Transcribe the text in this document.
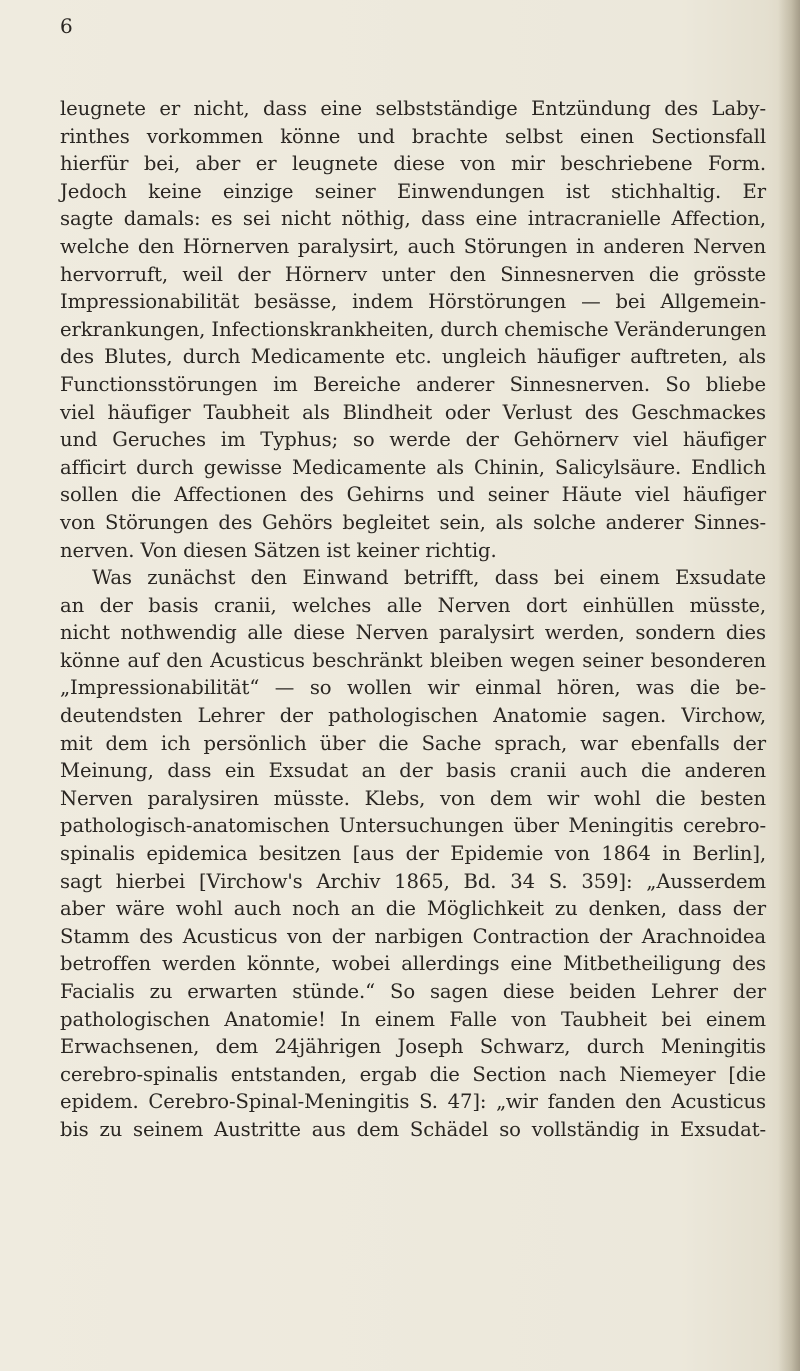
6
leugnete er nicht, dass eine selbstständige Entzündung des Laby-
rinthes vorkommen könne und brachte selbst einen Sectionsfall
hierfür bei, aber er leugnete diese von mir beschriebene Form.
Jedoch keine einzige seiner Einwendungen ist stichhaltig. Er
sagte damals: es sei nicht nöthig, dass eine intracranielle Affection,
welche den Hörnerven paralysirt, auch Störungen in anderen Nerven
hervorruft, weil der Hörnerv unter den Sinnesnerven die grösste
Impressionabilität besässe, indem Hörstörungen — bei Allgemein-
erkrankungen, Infectionskrankheiten, durch chemische Veränderungen
des Blutes, durch Medicamente etc. ungleich häufiger auftreten, als
Functionsstörungen im Bereiche anderer Sinnesnerven. So bliebe
viel häufiger Taubheit als Blindheit oder Verlust des Geschmackes
und Geruches im Typhus; so werde der Gehörnerv viel häufiger
afficirt durch gewisse Medicamente als Chinin, Salicylsäure. Endlich
sollen die Affectionen des Gehirns und seiner Häute viel häufiger
von Störungen des Gehörs begleitet sein, als solche anderer Sinnes-
nerven. Von diesen Sätzen ist keiner richtig.
Was zunächst den Einwand betrifft, dass bei einem Exsudate
an der basis cranii, welches alle Nerven dort einhüllen müsste,
nicht nothwendig alle diese Nerven paralysirt werden, sondern dies
könne auf den Acusticus beschränkt bleiben wegen seiner besonderen
„Impressionabilität“ — so wollen wir einmal hören, was die be-
deutendsten Lehrer der pathologischen Anatomie sagen. Virchow,
mit dem ich persönlich über die Sache sprach, war ebenfalls der
Meinung, dass ein Exsudat an der basis cranii auch die anderen
Nerven paralysiren müsste. Klebs, von dem wir wohl die besten
pathologisch-anatomischen Untersuchungen über Meningitis cerebro-
spinalis epidemica besitzen [aus der Epidemie von 1864 in Berlin],
sagt hierbei [Virchow's Archiv 1865, Bd. 34 S. 359]: „Ausserdem
aber wäre wohl auch noch an die Möglichkeit zu denken, dass der
Stamm des Acusticus von der narbigen Contraction der Arachnoidea
betroffen werden könnte, wobei allerdings eine Mitbetheiligung des
Facialis zu erwarten stünde.“ So sagen diese beiden Lehrer der
pathologischen Anatomie! In einem Falle von Taubheit bei einem
Erwachsenen, dem 24jährigen Joseph Schwarz, durch Meningitis
cerebro-spinalis entstanden, ergab die Section nach Niemeyer [die
epidem. Cerebro-Spinal-Meningitis S. 47]: „wir fanden den Acusticus
bis zu seinem Austritte aus dem Schädel so vollständig in Exsudat-
